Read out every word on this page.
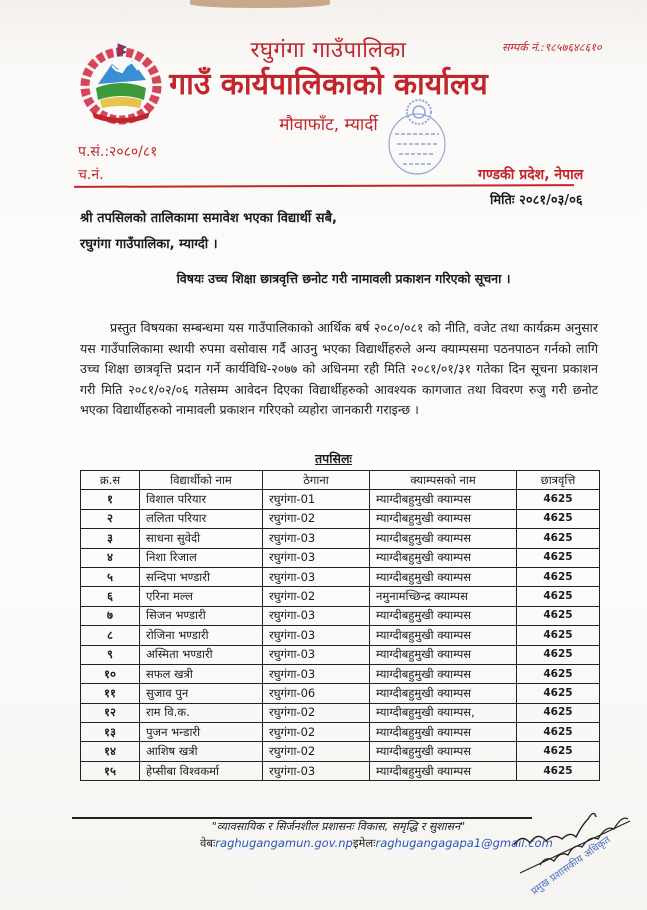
रघुगंगा गाउँपालिका
गाउँ कार्यपालिकाको कार्यालय
मौवाफाँट, म्यार्दी
सम्पर्क नं.:९८५७६४८६१०
प.सं.:२०८०/८१
च.नं.	गण्डकी प्रदेश, नेपाल
मितिः २०८१/०३/०६
श्री तपसिलको तालिकामा समावेश भएका विद्यार्थी सबै,
रघुगंगा गाउँपालिका, म्याग्दी ।
विषयः उच्च शिक्षा छात्रवृत्ति छनोट गरी नामावली प्रकाशन गरिएको सूचना ।
प्रस्तुत विषयका सम्बन्धमा यस गाउँपालिकाको आर्थिक बर्ष २०८०/०८१ को नीति, वजेट तथा कार्यक्रम अनुसार यस गाउँपालिकामा स्थायी रुपमा वसोवास गर्दै आउनु भएका विद्यार्थीहरुले अन्य क्याम्पसमा पठनपाठन गर्नको लागि उच्च शिक्षा छात्रवृत्ति प्रदान गर्ने कार्यविधि-२०७७ को अधिनमा रही मिति २०८१/०१/३१ गतेका दिन सूचना प्रकाशन गरी मिति २०८१/०२/०६ गतेसम्म आवेदन दिएका विद्यार्थीहरुको आवश्यक कागजात तथा विवरण रुजु गरी छनोट भएका विद्यार्थीहरुको नामावली प्रकाशन गरिएको व्यहोरा जानकारी गराइन्छ ।
तपसिलः
क्र.स	विद्यार्थीको नाम	ठेगाना	क्याम्पसको नाम	छात्रवृत्ति
१	विशाल परियार	रघुगंगा-01	म्याग्दीबहुमुखी क्याम्पस	4625
२	ललिता परियार	रघुगंगा-02	म्याग्दीबहुमुखी क्याम्पस	4625
३	साधना सुवेदी	रघुगंगा-03	म्याग्दीबहुमुखी क्याम्पस	4625
४	निशा रिजाल	रघुगंगा-03	म्याग्दीबहुमुखी क्याम्पस	4625
५	सन्दिपा भण्डारी	रघुगंगा-03	म्याग्दीबहुमुखी क्याम्पस	4625
६	एरिना मल्ल	रघुगंगा-02	नमुनामच्छिन्द्र क्याम्पस	4625
७	सिजन भण्डारी	रघुगंगा-03	म्याग्दीबहुमुखी क्याम्पस	4625
८	रोजिना भण्डारी	रघुगंगा-03	म्याग्दीबहुमुखी क्याम्पस	4625
९	अस्मिता भण्डारी	रघुगंगा-03	म्याग्दीबहुमुखी क्याम्पस	4625
१०	सफल खत्री	रघुगंगा-03	म्याग्दीबहुमुखी क्याम्पस	4625
११	सुजाव पुन	रघुगंगा-06	म्याग्दीबहुमुखी क्याम्पस	4625
१२	राम वि.क.	रघुगंगा-02	म्याग्दीबहुमुखी क्याम्पस,	4625
१३	पुजन भन्डारी	रघुगंगा-02	म्याग्दीबहुमुखी क्याम्पस	4625
१४	आशिष खत्री	रघुगंगा-02	म्याग्दीबहुमुखी क्याम्पस	4625
१५	हेप्सीबा विश्वकर्मा	रघुगंगा-03	म्याग्दीबहुमुखी क्याम्पस	4625
"व्यावसायिक र सिर्जनशील प्रशासनः विकास, समृद्धि र सुशासन"
वेबःraghugangamun.gov.npइमेलःraghugangagapa1@gmail.com
प्रमुख प्रशासकीय अधिकृत
